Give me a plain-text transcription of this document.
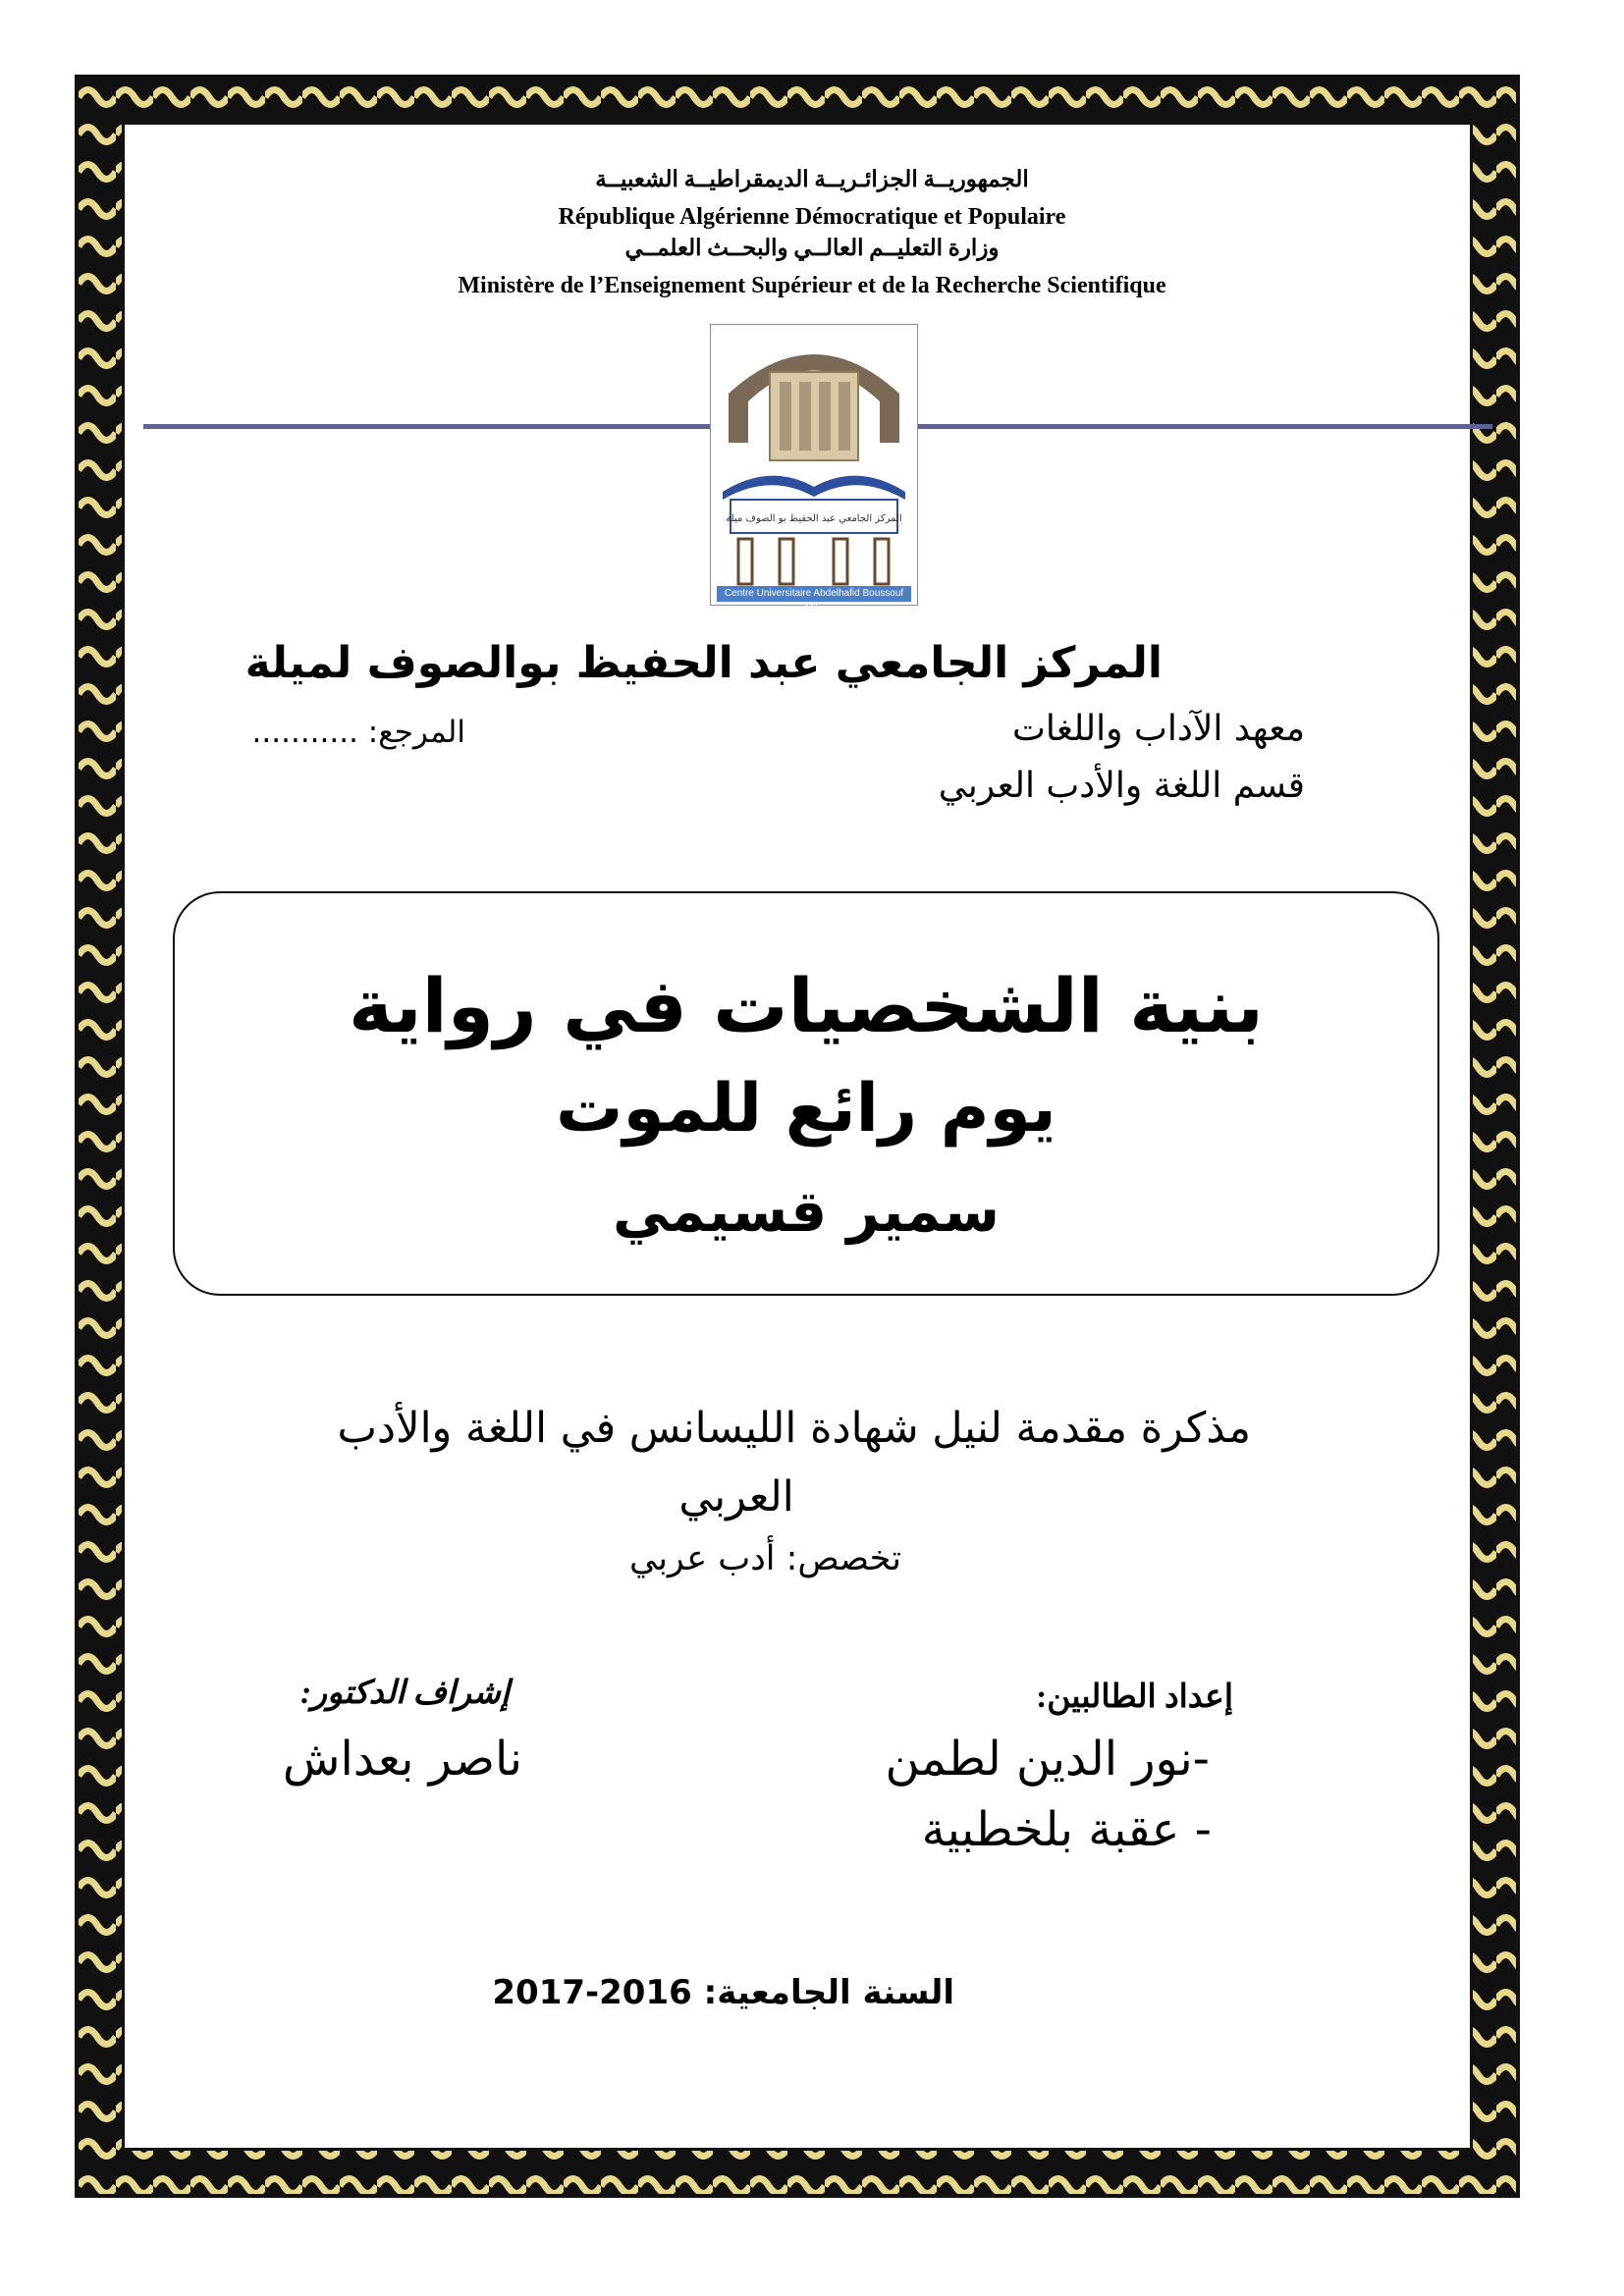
الجمهوريــة الجزائـريــة الديمقراطيــة الشعبيــة
République Algérienne Démocratique et Populaire
وزارة التعليــم العالــي والبحــث العلمــي
Ministère de l’Enseignement Supérieur et de la Recherche Scientifique
المركز الجامعي عبد الحفيظ بو الصوف ميلة
Centre Universitaire Abdelhafid Boussouf Mila
المركز الجامعي عبد الحفيظ بوالصوف لميلة
معهد الآداب واللغات
المرجع: ...........
قسم اللغة والأدب العربي
بنية الشخصيات في رواية
يوم رائع للموت
سمير قسيمي
مذكرة مقدمة لنيل شهادة الليسانس في اللغة والأدب
العربي
تخصص: أدب عربي
إعداد الطالبين:
-نور الدين لطمن
- عقبة بلخطبية
إشراف الدكتور:
ناصر بعداش
السنة الجامعية: 2016-2017
